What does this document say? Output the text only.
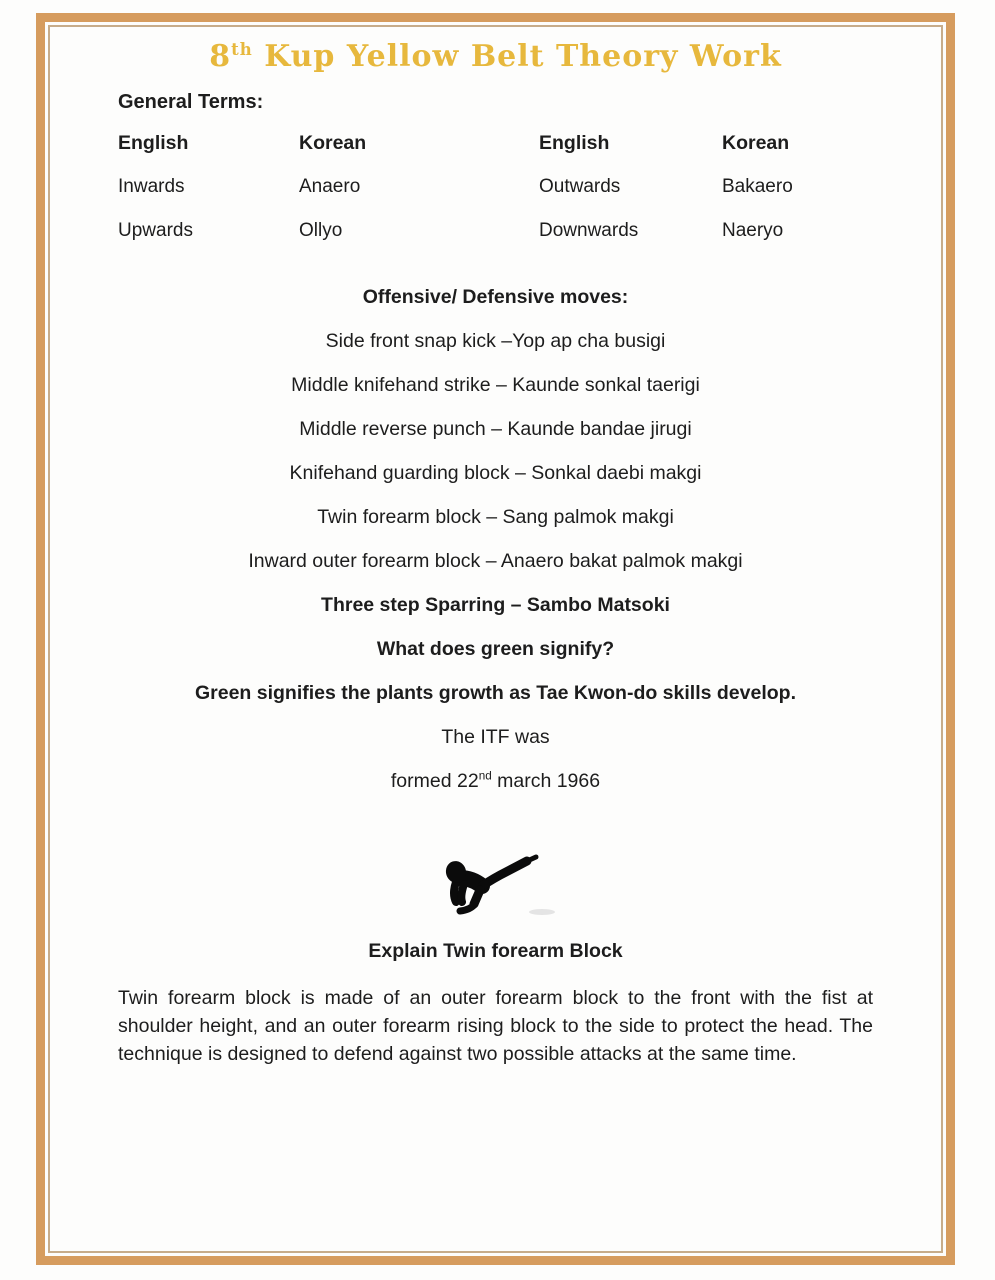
8th Kup Yellow Belt Theory Work

General Terms:

English	Korean	English	Korean
Inwards	Anaero	Outwards	Bakaero
Upwards	Ollyo	Downwards	Naeryo

Offensive/ Defensive moves:

Side front snap kick –Yop ap cha busigi

Middle knifehand strike – Kaunde sonkal taerigi

Middle reverse punch – Kaunde bandae jirugi

Knifehand guarding block – Sonkal daebi makgi

Twin forearm block – Sang palmok makgi

Inward outer forearm block – Anaero bakat palmok makgi

Three step Sparring – Sambo Matsoki

What does green signify?

Green signifies the plants growth as Tae Kwon-do skills develop.

The ITF was

formed 22nd march 1966

Explain Twin forearm Block

Twin forearm block is made of an outer forearm block to the front with the fist at shoulder height, and an outer forearm rising block to the side to protect the head. The technique is designed to defend against two possible attacks at the same time.
